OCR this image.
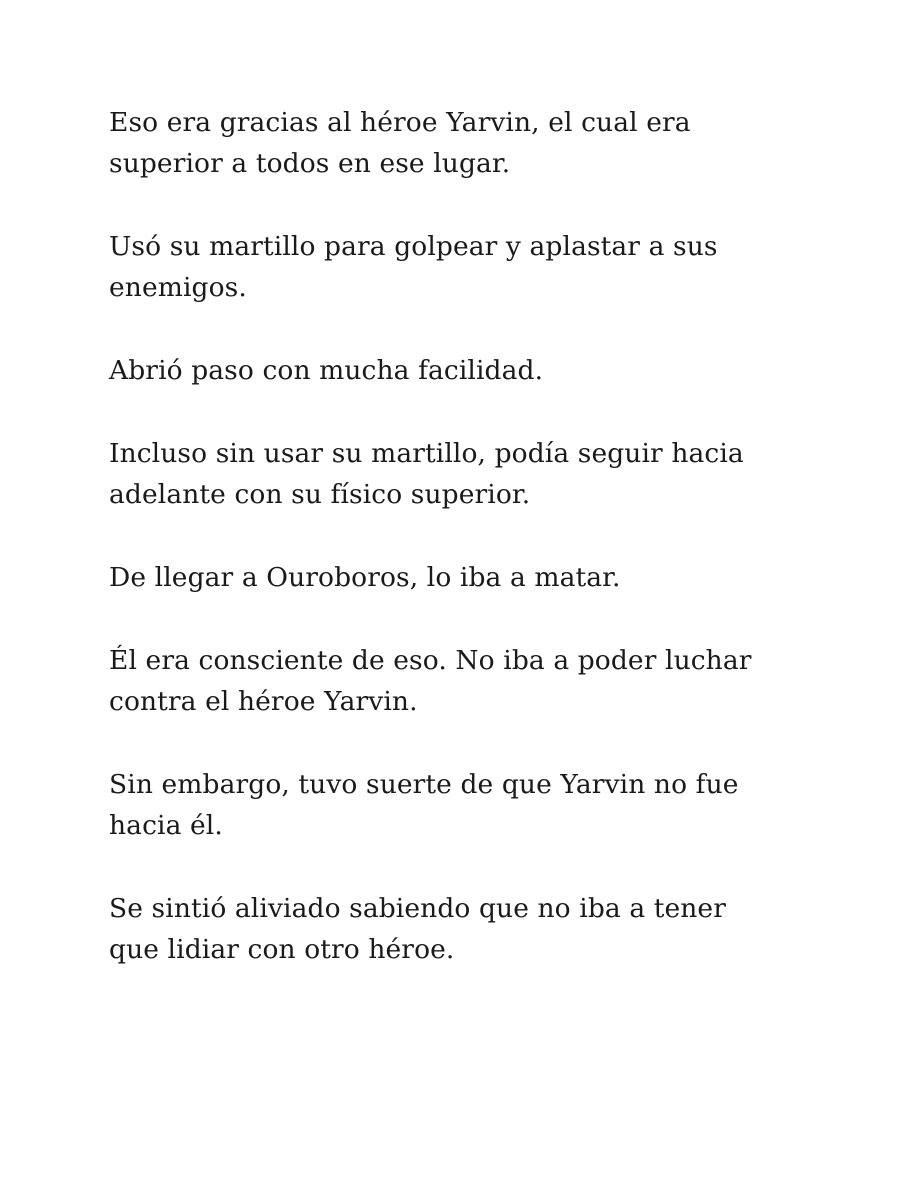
Eso era gracias al héroe Yarvin, el cual era
superior a todos en ese lugar.

Usó su martillo para golpear y aplastar a sus
enemigos.

Abrió paso con mucha facilidad.

Incluso sin usar su martillo, podía seguir hacia
adelante con su físico superior.

De llegar a Ouroboros, lo iba a matar.

Él era consciente de eso. No iba a poder luchar
contra el héroe Yarvin.

Sin embargo, tuvo suerte de que Yarvin no fue
hacia él.

Se sintió aliviado sabiendo que no iba a tener
que lidiar con otro héroe.
